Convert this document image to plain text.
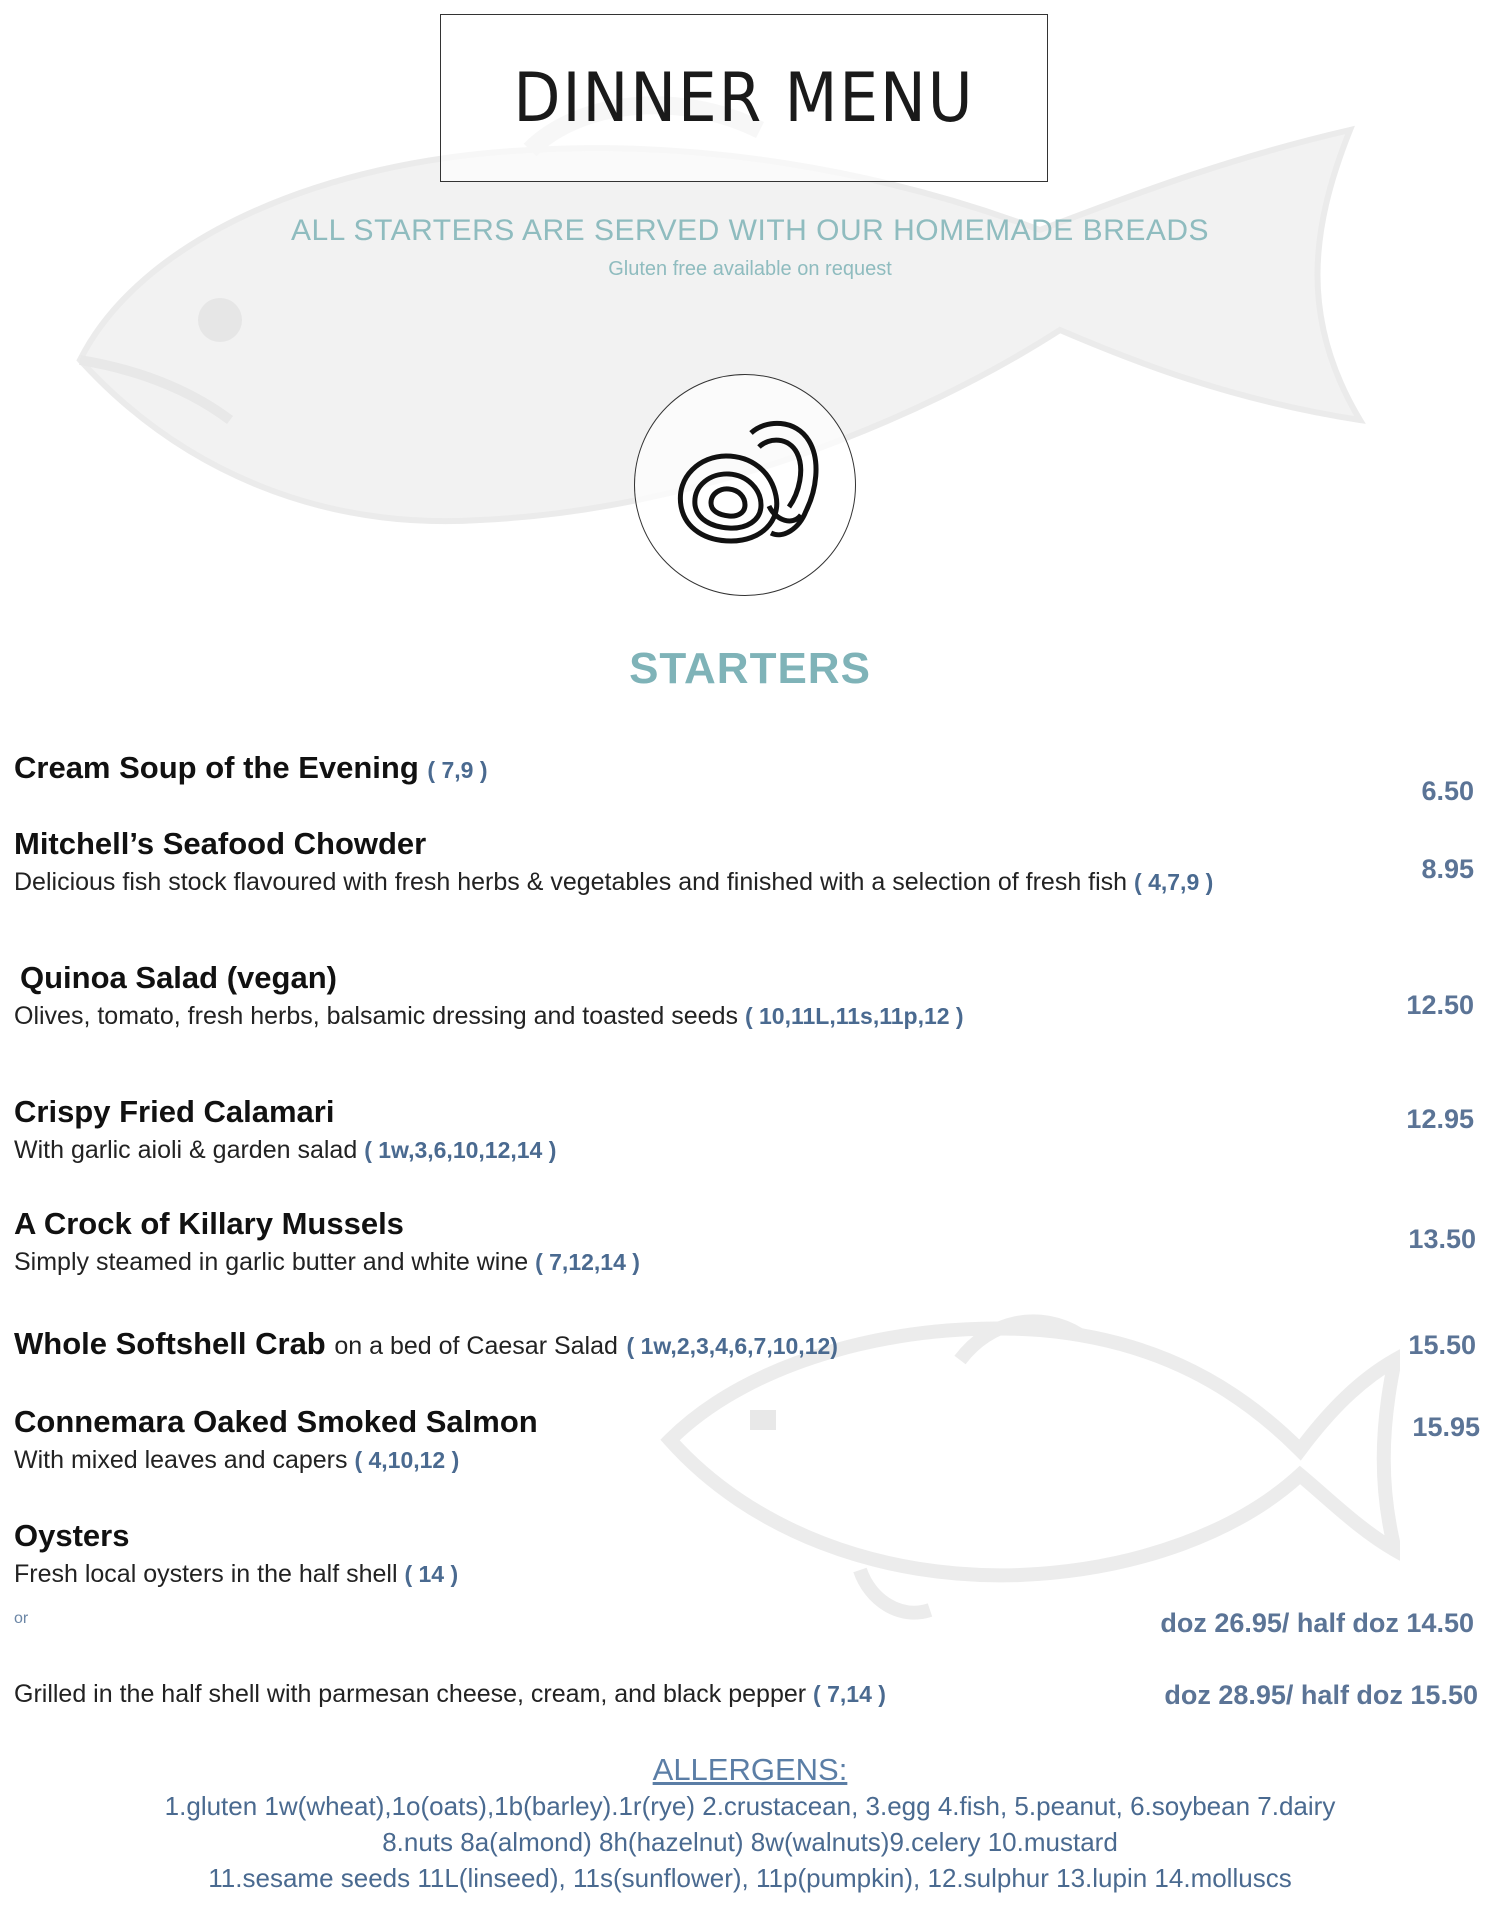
DINNER MENU
ALL STARTERS ARE SERVED WITH OUR HOMEMADE BREADS
Gluten free available on request
STARTERS
Cream Soup of the Evening ( 7,9 )
6.50
Mitchell’s Seafood Chowder
Delicious fish stock flavoured with fresh herbs & vegetables and finished with a selection of fresh fish ( 4,7,9 )	8.95
Quinoa Salad (vegan)
Olives, tomato, fresh herbs, balsamic dressing and toasted seeds ( 10,11L,11s,11p,12 )	12.50
Crispy Fried Calamari
With garlic aioli & garden salad ( 1w,3,6,10,12,14 )
12.95
A Crock of Killary Mussels
Simply steamed in garlic butter and white wine ( 7,12,14 )
13.50
Whole Softshell Crab on a bed of Caesar Salad ( 1w,2,3,4,6,7,10,12)	15.50
Connemara Oaked Smoked Salmon
With mixed leaves and capers ( 4,10,12 )
15.95
Oysters
Fresh local oysters in the half shell ( 14 )
or	doz 26.95/ half doz 14.50
Grilled in the half shell with parmesan cheese, cream, and black pepper ( 7,14 )	doz 28.95/ half doz 15.50
ALLERGENS:
1.gluten 1w(wheat),1o(oats),1b(barley).1r(rye) 2.crustacean, 3.egg 4.fish, 5.peanut, 6.soybean 7.dairy
8.nuts 8a(almond) 8h(hazelnut) 8w(walnuts)9.celery 10.mustard
11.sesame seeds 11L(linseed), 11s(sunflower), 11p(pumpkin), 12.sulphur 13.lupin 14.molluscs
